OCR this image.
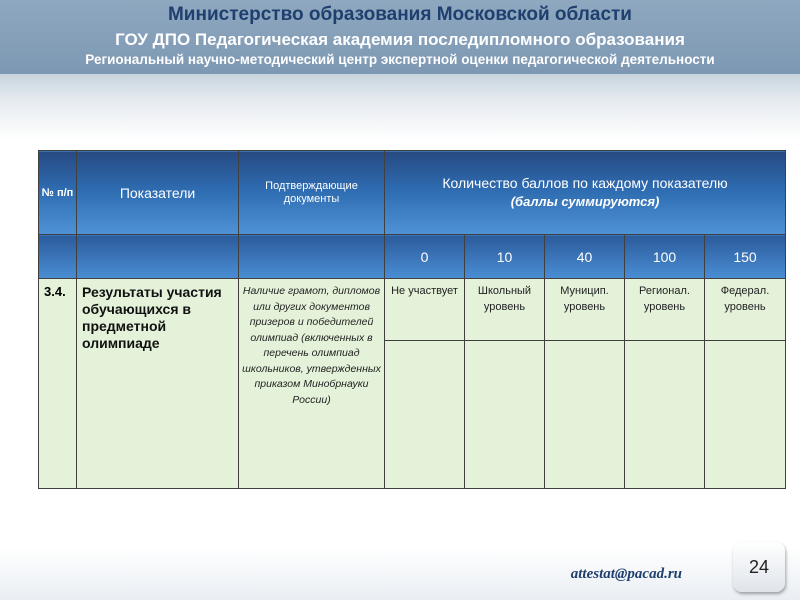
Министерство образования Московской области
ГОУ ДПО Педагогическая академия последипломного образования
Региональный научно-методический центр экспертной оценки педагогической деятельности
№ п/п	Показатели	Подтверждающие документы	Количество баллов по каждому показателю
(баллы суммируются)				
			0	10	40	100	150
3.4.	Результаты участия обучающихся в предметной олимпиаде	Наличие грамот, дипломов или других документов призеров и победителей олимпиад (включенных в перечень олимпиад школьников, утвержденных приказом Минобрнауки России)	Не участвует	Школьный уровень	Муницип. уровень	Регионал. уровень	Федерал. уровень

attestat@pacad.ru	24
